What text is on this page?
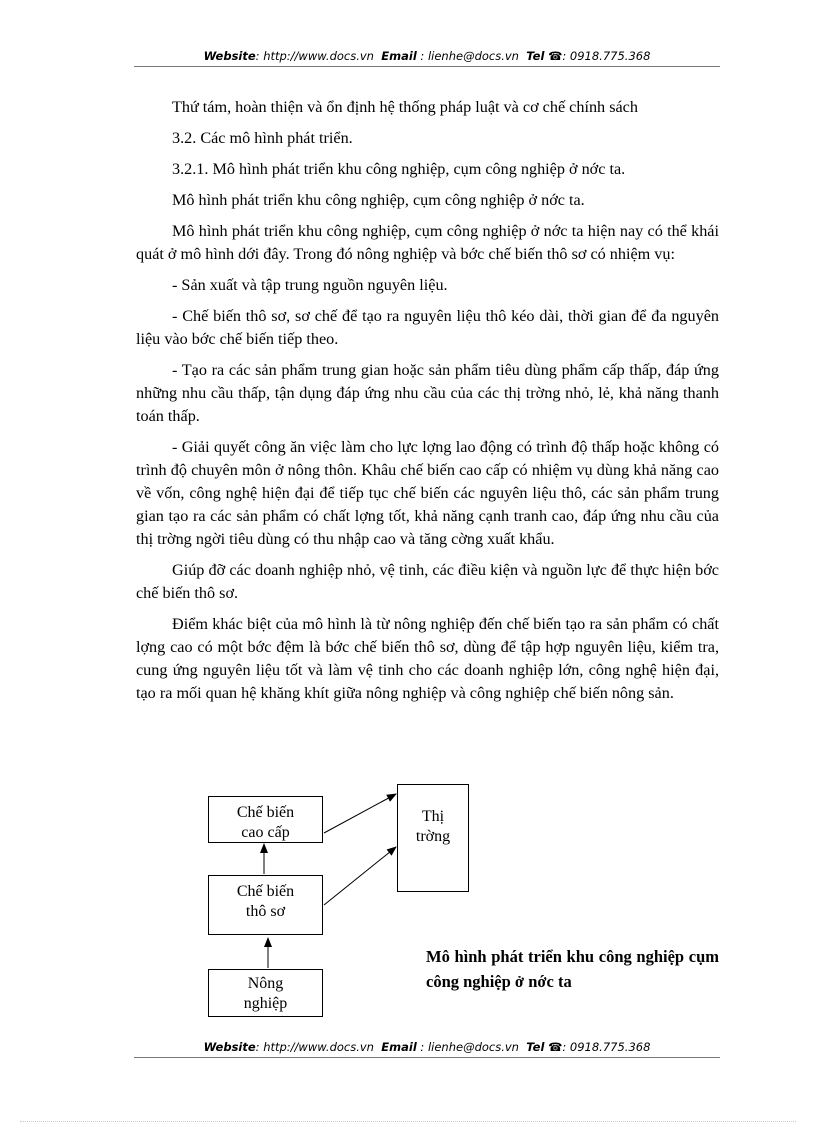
Website: http://www.docs.vn Email : lienhe@docs.vn Tel ☎: 0918.775.368

Thứ tám, hoàn thiện và ổn định hệ thống pháp luật và cơ chế chính sách

3.2. Các mô hình phát triển.

3.2.1. Mô hình phát triển khu công nghiệp, cụm công nghiệp ở nớc ta.

Mô hình phát triển khu công nghiệp, cụm công nghiệp ở nớc ta.

Mô hình phát triển khu công nghiệp, cụm công nghiệp ở nớc ta hiện nay có thể khái quát ở mô hình dới đây. Trong đó nông nghiệp và bớc chế biến thô sơ có nhiệm vụ:

- Sản xuất và tập trung nguồn nguyên liệu.

- Chế biến thô sơ, sơ chế để tạo ra nguyên liệu thô kéo dài, thời gian để đa nguyên liệu vào bớc chế biến tiếp theo.

- Tạo ra các sản phẩm trung gian hoặc sản phẩm tiêu dùng phẩm cấp thấp, đáp ứng những nhu cầu thấp, tận dụng đáp ứng nhu cầu của các thị trờng nhỏ, lẻ, khả năng thanh toán thấp.

- Giải quyết công ăn việc làm cho lực lợng lao động có trình độ thấp hoặc không có trình độ chuyên môn ở nông thôn. Khâu chế biến cao cấp có nhiệm vụ dùng khả năng cao về vốn, công nghệ hiện đại để tiếp tục chế biến các nguyên liệu thô, các sản phẩm trung gian tạo ra các sản phẩm có chất lợng tốt, khả năng cạnh tranh cao, đáp ứng nhu cầu của thị trờng ngời tiêu dùng có thu nhập cao và tăng cờng xuất khẩu.

Giúp đỡ các doanh nghiệp nhỏ, vệ tinh, các điều kiện và nguồn lực để thực hiện bớc chế biến thô sơ.

Điểm khác biệt của mô hình là từ nông nghiệp đến chế biến tạo ra sản phẩm có chất lợng cao có một bớc đệm là bớc chế biến thô sơ, dùng để tập hợp nguyên liệu, kiểm tra, cung ứng nguyên liệu tốt và làm vệ tinh cho các doanh nghiệp lớn, công nghệ hiện đại, tạo ra mối quan hệ khăng khít giữa nông nghiệp và công nghiệp chế biến nông sản.

Chế biến
cao cấp
Thị
trờng
Chế biến
thô sơ
Nông
nghiệp
Mô hình phát triển khu công nghiệp cụm công nghiệp ở nớc ta
Website: http://www.docs.vn Email : lienhe@docs.vn Tel ☎: 0918.775.368
